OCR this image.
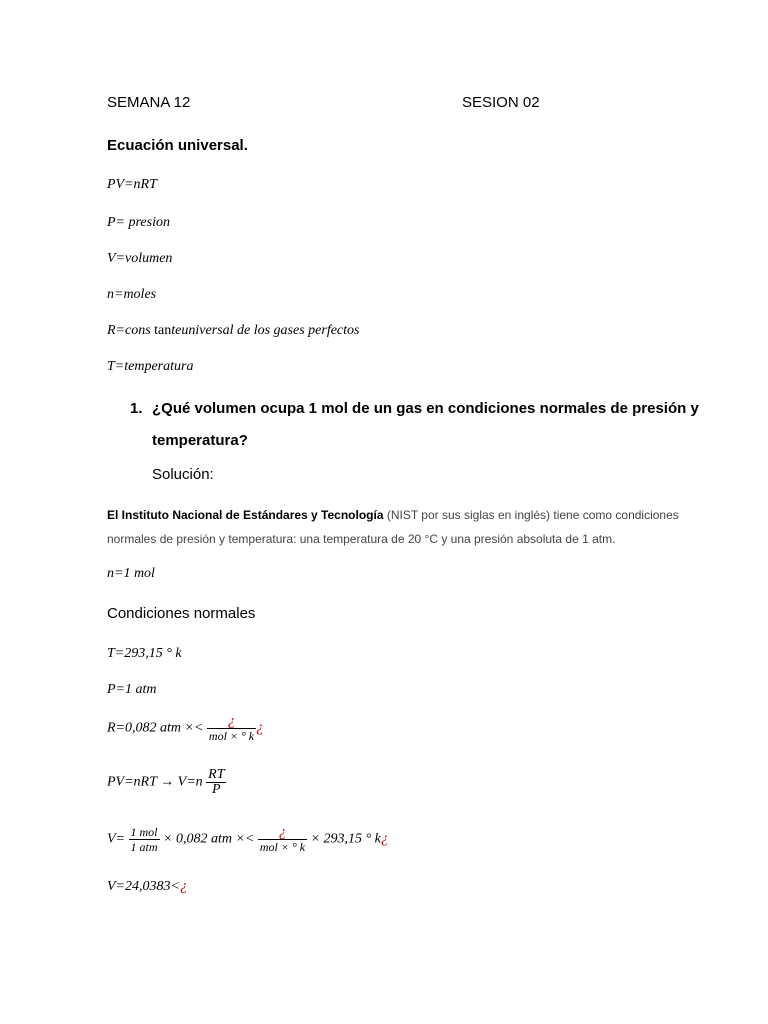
SEMANA 12	SESION 02
Ecuación universal.
PV=nRT
P= presion
V=volumen
n=moles
R=cons tanteuniversal de los gases perfectos
T=temperatura
1. ¿Qué volumen ocupa 1 mol de un gas en condiciones normales de presión y
temperatura?
Solución:
El Instituto Nacional de Estándares y Tecnología (NIST por sus siglas en inglés) tiene como condiciones
normales de presión y temperatura: una temperatura de 20 °C y una presión absoluta de 1 atm.
n=1 mol
Condiciones normales
T=293,15 ° k
P=1 atm
R=0,082 atm ×< $\frac{¿}{\text{mol × ° k}}$ ¿
$PV=nRT \to V=n \frac{RT}{P}$
$V= \frac{\text{1 mol}}{\text{1 atm}} \times 0,082$ atm ×< $\frac{¿}{\text{mol × ° k}} \times 293,15$ ° k¿
V=24,0383<¿
